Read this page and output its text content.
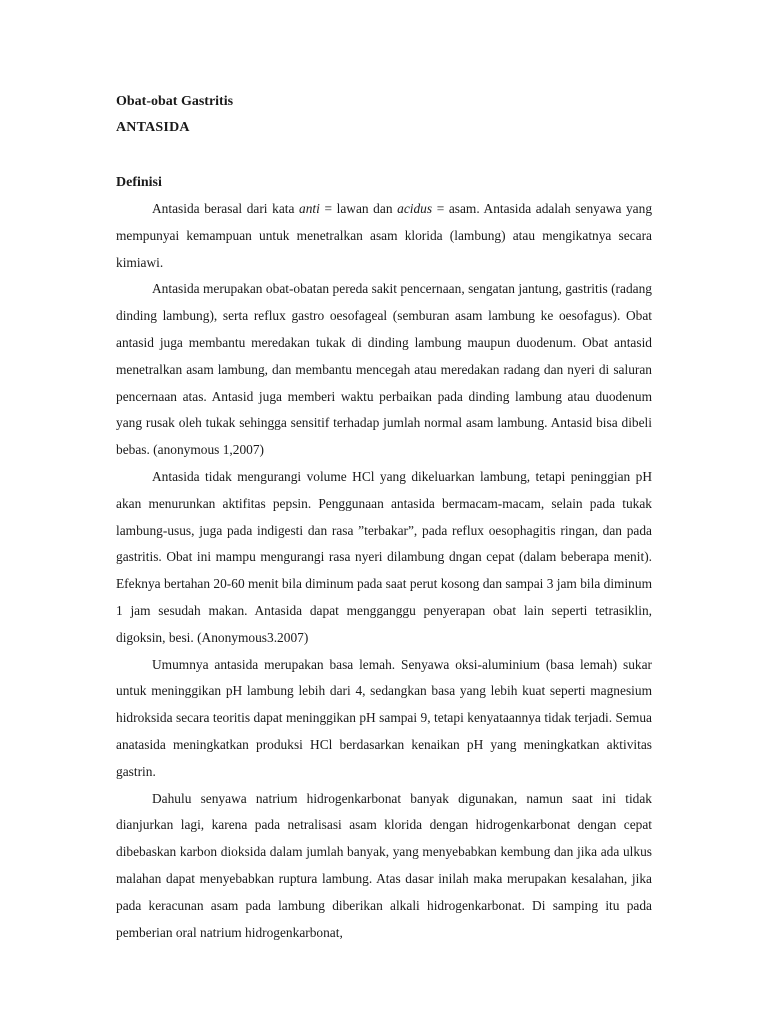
Obat-obat Gastritis
ANTASIDA
Definisi

Antasida berasal dari kata anti = lawan dan acidus = asam. Antasida adalah senyawa yang mempunyai kemampuan untuk menetralkan asam klorida (lambung) atau mengikatnya secara kimiawi.

Antasida merupakan obat-obatan pereda sakit pencernaan, sengatan jantung, gastritis (radang dinding lambung), serta reflux gastro oesofageal (semburan asam lambung ke oesofagus). Obat antasid juga membantu meredakan tukak di dinding lambung maupun duodenum. Obat antasid menetralkan asam lambung, dan membantu mencegah atau meredakan radang dan nyeri di saluran pencernaan atas. Antasid juga memberi waktu perbaikan pada dinding lambung atau duodenum yang rusak oleh tukak sehingga sensitif terhadap jumlah normal asam lambung. Antasid bisa dibeli bebas. (anonymous 1,2007)

Antasida tidak mengurangi volume HCl yang dikeluarkan lambung, tetapi peninggian pH akan menurunkan aktifitas pepsin. Penggunaan antasida bermacam-macam, selain pada tukak lambung-usus, juga pada indigesti dan rasa ”terbakar”, pada reflux oesophagitis ringan, dan pada gastritis. Obat ini mampu mengurangi rasa nyeri dilambung dngan cepat (dalam beberapa menit). Efeknya bertahan 20-60 menit bila diminum pada saat perut kosong dan sampai 3 jam bila diminum 1 jam sesudah makan. Antasida dapat mengganggu penyerapan obat lain seperti tetrasiklin, digoksin, besi. (Anonymous3.2007)

Umumnya antasida merupakan basa lemah. Senyawa oksi-aluminium (basa lemah) sukar untuk meninggikan pH lambung lebih dari 4, sedangkan basa yang lebih kuat seperti magnesium hidroksida secara teoritis dapat meninggikan pH sampai 9, tetapi kenyataannya tidak terjadi. Semua anatasida meningkatkan produksi HCl berdasarkan kenaikan pH yang meningkatkan aktivitas gastrin.

Dahulu senyawa natrium hidrogenkarbonat banyak digunakan, namun saat ini tidak dianjurkan lagi, karena pada netralisasi asam klorida dengan hidrogenkarbonat dengan cepat dibebaskan karbon dioksida dalam jumlah banyak, yang menyebabkan kembung dan jika ada ulkus malahan dapat menyebabkan ruptura lambung. Atas dasar inilah maka merupakan kesalahan, jika pada keracunan asam pada lambung diberikan alkali hidrogenkarbonat. Di samping itu pada pemberian oral natrium hidrogenkarbonat,
